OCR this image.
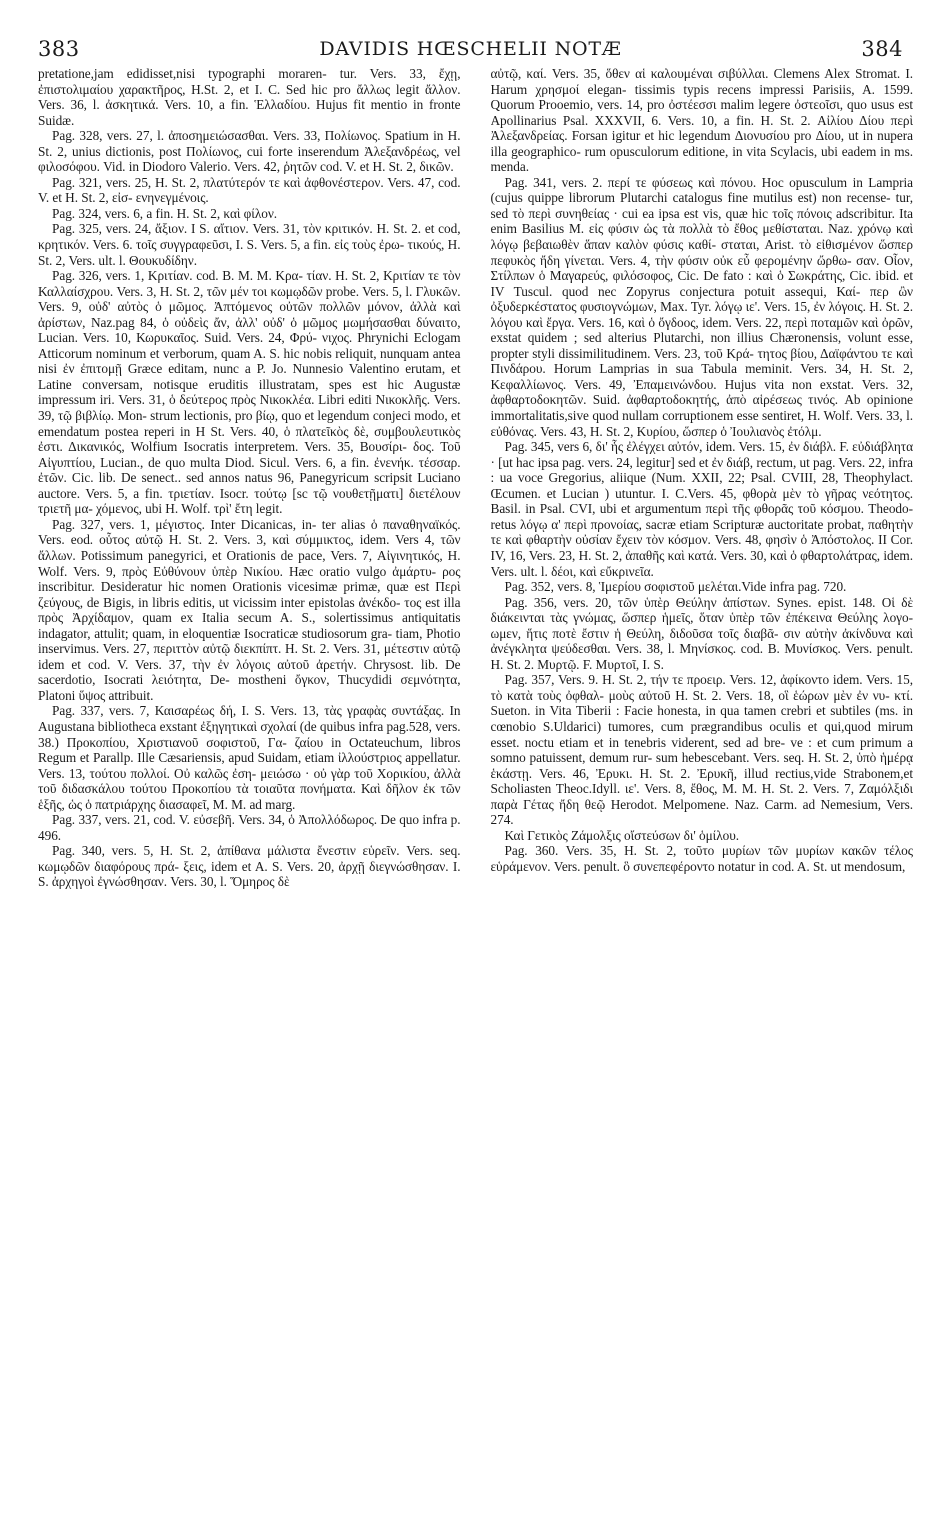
383	DAVIDIS HŒSCHELII NOTÆ	384

pretatione,jam edidisset,nisi typographi moraren- tur. Vers. 33, ἔχῃ, ἐπιστολιμαίου χαρακτῆρος, H.St. 2, et I. C. Sed hic pro ἄλλως legit ἄλλον. Vers. 36, l. ἀσκητικά. Vers. 10, a fin. Ἑλλαδίου. Hujus fit mentio in fronte Suidæ.

Pag. 328, vers. 27, l. ἀποσημειώσασθαι. Vers. 33, Πολίωνος. Spatium in H. St. 2, unius dictionis, post Πολίωνος, cui forte inserendum Ἀλεξανδρέως, vel φιλοσόφου. Vid. in Diodoro Valerio. Vers. 42, ῥητῶν cod. V. et H. St. 2, δικῶν.

Pag. 321, vers. 25, H. St. 2, πλατύτερόν τε καὶ ἀφθονέστερον. Vers. 47, cod. V. et H. St. 2, εἰσ- ενηνεγμένοις.

Pag. 324, vers. 6, a fin. H. St. 2, καὶ φίλον.

Pag. 325, vers. 24, ἄξιον. I S. αἴτιον. Vers. 31, τὸν κριτικόν. H. St. 2. et cod, κρητικόν. Vers. 6. τοῖς συγγραφεῦσι, I. S. Vers. 5, a fin. εἰς τοὺς ἐρω- τικούς, H. St. 2, Vers. ult. l. Θουκυδίδην.

Pag. 326, vers. 1, Κριτίαν. cod. B. M. M. Κρα- τίαν. H. St. 2, Κριτίαν τε τὸν Καλλαίσχρου. Vers. 3, H. St. 2, τῶν μέν τοι κωμῳδῶν probe. Vers. 5, l. Γλυκῶν. Vers. 9, οὐδ' αὐτὸς ὁ μῶμος. Ἀπτόμενος οὐτῶν πολλῶν μόνον, ἀλλὰ καὶ ἀρίστων, Naz.pag 84, ὁ οὐδεὶς ἄν, ἀλλ' οὐδ' ὁ μῶμος μωμήσασθαι δύναιτο, Lucian. Vers. 10, Κωρυκαῖος. Suid. Vers. 24, Φρύ- νιχος. Phrynichi Eclogam Atticorum nominum et verborum, quam A. S. hic nobis reliquit, nunquam antea nisi ἐν ἐπιτομῇ Græce editam, nunc a P. Jo. Nunnesio Valentino erutam, et Latine conversam, notisque eruditis illustratam, spes est hic Augustæ impressum iri. Vers. 31, ὁ δεύτερος πρὸς Νικοκλέα. Libri editi Νικοκλῆς. Vers. 39, τῷ βιβλίῳ. Mon- strum lectionis, pro βίῳ, quo et legendum conjeci modo, et emendatum postea reperi in H St. Vers. 40, ὁ πλατεῖκὸς δὲ, συμβουλευτικὸς ἐστι. Δικανικός, Wolfium Isocratis interpretem. Vers. 35, Βουσίρι- δος. Τοῦ Αἰγυπτίου, Lucian., de quo multa Diod. Sicul. Vers. 6, a fin. ἐνενήκ. τέσσαρ. ἐτῶν. Cic. lib. De senect.. sed annos natus 96, Panegyricum scripsit Luciano auctore. Vers. 5, a fin. τριετίαν. Isocr. τούτῳ [sc τῷ νουθετῇματι] διετέλουν τριετῆ μα- χόμενος, ubi H. Wolf. τρὶ' ἔτη legit.

Pag. 327, vers. 1, μέγιστος. Inter Dicanicas, in- ter alias ὁ παναθηναϊκός. Vers. eod. οὗτος αὐτῷ H. St. 2. Vers. 3, καὶ σύμμικτος, idem. Vers 4, τῶν ἄλλων. Potissimum panegyrici, et Orationis de pace, Vers. 7, Αἰγινητικός, H. Wolf. Vers. 9, πρὸς Εὐθύνουν ὑπὲρ Νικίου. Hæc oratio vulgo ἀμάρτυ- ρος inscribitur. Desideratur hic nomen Orationis vicesimæ primæ, quæ est Περὶ ζεύγους, de Bigis, in libris editis, ut vicissim inter epistolas ἀνέκδο- τος est illa πρὸς Ἀρχίδαμον, quam ex Italia secum A. S., solertissimus antiquitatis indagator, attulit; quam, in eloquentiæ Isocraticæ studiosorum gra- tiam, Photio inservimus. Vers. 27, περιττὸν αὐτῷ διεκπίπτ. H. St. 2. Vers. 31, μέτεστιν αὐτῷ idem et cod. V. Vers. 37, τὴν ἐν λόγοις αὐτοῦ ἀρετήν. Chrysost. lib. De sacerdotio, Isocrati λειότητα, De- mostheni ὄγκον, Thucydidi σεμνότητα, Platoni ὕψος attribuit.

Pag. 337, vers. 7, Καισαρέως δή, I. S. Vers. 13, τὰς γραφὰς συντάξας. In Augustana bibliotheca exstant ἐξηγητικαὶ σχολαί (de quibus infra pag.528, vers. 38.) Προκοπίου, Χριστιανοῦ σοφιστοῦ, Γα- ζαίου in Octateuchum, libros Regum et Parallp. Ille Cæsariensis, apud Suidam, etiam ἰλλούστριος appellatur. Vers. 13, τούτου πολλοί. Οὐ καλῶς ἐση- μειώσω · οὐ γὰρ τοῦ Χορικίου, ἀλλὰ τοῦ διδασκάλου τούτου Προκοπίου τὰ τοιαῦτα πονήματα. Καὶ δῆλον ἐκ τῶν ἑξῆς, ὡς ὁ πατριάρχης διασαφεῖ, M. M. ad marg.

Pag. 337, vers. 21, cod. V. εὐσεβῆ. Vers. 34, ὁ Ἀπολλόδωρος. De quo infra p. 496.

Pag. 340, vers. 5, H. St. 2, ἀπίθανα μάλιστα ἔνεστιν εὑρεῖν. Vers. seq. κωμῳδῶν διαφόρους πρά- ξεις, idem et A. S. Vers. 20, ἀρχῇ διεγνώσθησαν. I. S. ἀρχηγοὶ ἐγνώσθησαν. Vers. 30, l. Ὅμηρος δὲ

αὐτῷ, καί. Vers. 35, ὅθεν αἱ καλουμέναι σιβύλλαι. Clemens Alex Stromat. I. Harum χρησμοί elegan- tissimis typis recens impressi Parisiis, A. 1599. Quorum Prooemio, vers. 14, pro ὀστέεσσι malim legere ὀστεοῖσι, quo usus est Apollinarius Psal. XXXVII, 6. Vers. 10, a fin. H. St. 2. Αἰλίου Δίου περὶ Ἀλεξανδρείας. Forsan igitur et hic legendum Διονυσίου pro Δίου, ut in nupera illa geographico- rum opusculorum editione, in vita Scylacis, ubi eadem in ms. menda.

Pag. 341, vers. 2. περί τε φύσεως καὶ πόνου. Hoc opusculum in Lampria (cujus quippe librorum Plutarchi catalogus fine mutilus est) non recense- tur, sed τὸ περὶ συνηθείας · cui ea ipsa est vis, quæ hic τοῖς πόνοις adscribitur. Ita enim Basilius M. εἰς φύσιν ὡς τὰ πολλὰ τὸ ἔθος μεθίσταται. Naz. χρόνῳ καὶ λόγῳ βεβαιωθὲν ἅπαν καλὸν φύσις καθί- σταται, Arist. τὸ εἰθισμένον ὥσπερ πεφυκὸς ἤδη γίνεται. Vers. 4, τὴν φύσιν οὐκ εὖ φερομένην ὤρθω- σαν. Οἷον, Στίλπων ὁ Μαγαρεύς, φιλόσοφος, Cic. De fato : καὶ ὁ Σωκράτης, Cic. ibid. et IV Tuscul. quod nec Zopyrus conjectura potuit assequi, Καί- περ ὢν ὀξυδερκέστατος φυσιογνώμων, Max. Tyr. λόγῳ ιε'. Vers. 15, ἐν λόγοις. H. St. 2. λόγου καὶ ἔργα. Vers. 16, καὶ ὁ ὄγδοος, idem. Vers. 22, περὶ ποταμῶν καὶ ὀρῶν, exstat quidem ; sed alterius Plutarchi, non illius Chæronensis, volunt esse, propter styli dissimilitudinem. Vers. 23, τοῦ Κρά- τητος βίου, Δαϊφάντου τε καὶ Πινδάρου. Horum Lamprias in sua Tabula meminit. Vers. 34, H. St. 2, Κεφαλλίωνος. Vers. 49, Ἐπαμεινώνδου. Hujus vita non exstat. Vers. 32, ἀφθαρτοδοκητῶν. Suid. ἀφθαρτοδοκητής, ἀπὸ αἱρέσεως τινός. Ab opinione immortalitatis,sive quod nullam corruptionem esse sentiret, H. Wolf. Vers. 33, l. εὐθόνας. Vers. 43, H. St. 2, Κυρίου, ὥσπερ ὁ Ἰουλιανὸς ἐτόλμ.

Pag. 345, vers 6, δι' ἧς ἐλέγχει αὐτόν, idem. Vers. 15, ἐν διάβλ. F. εὐδιάβλητα · [ut hac ipsa pag. vers. 24, legitur] sed et ἐν διάβ, rectum, ut pag. Vers. 22, infra : ua voce Gregorius, aliique (Num. XXII, 22; Psal. CVIII, 28, Theophylact. Œcumen. et Lucian ) utuntur. I. C.Vers. 45, φθορὰ μὲν τὸ γῆρας νεότητος. Basil. in Psal. CVI, ubi et argumentum περὶ τῆς φθορᾶς τοῦ κόσμου. Theodo- retus λόγῳ α' περὶ προνοίας, sacræ etiam Scripturæ auctoritate probat, παθητὴν τε καὶ φθαρτὴν οὐσίαν ἔχειν τὸν κόσμον. Vers. 48, φησὶν ὁ Ἀπόστολος. II Cor. IV, 16, Vers. 23, H. St. 2, ἀπαθῆς καὶ κατά. Vers. 30, καὶ ὁ φθαρτολάτρας, idem. Vers. ult. l. δέοι, καὶ εὔκρινεῖα.

Pag. 352, vers. 8, Ἱμερίου σοφιστοῦ μελέται.Vide infra pag. 720.

Pag. 356, vers. 20, τῶν ὑπὲρ Θεύλην ἀπίστων. Synes. epist. 148. Οἱ δὲ διάκεινται τὰς γνώμας, ὥσπερ ἡμεῖς, ὅταν ὑπὲρ τῶν ἐπέκεινα Θεύλης λογο- ωμεν, ἥτις ποτὲ ἔστιν ἡ Θεύλη, διδοῦσα τοῖς διαβᾶ- σιν αὐτὴν ἀκίνδυνα καὶ ἀνέγκλητα ψεύδεσθαι. Vers. 38, l. Μηνίσκος. cod. B. Μυνίσκος. Vers. penult. H. St. 2. Μυρτῷ. F. Μυρτοῖ, I. S.

Pag. 357, Vers. 9. H. St. 2, τήν τε προειρ. Vers. 12, ἀφίκοντο idem. Vers. 15, τὸ κατὰ τοὺς ὀφθαλ- μοὺς αὐτοῦ H. St. 2. Vers. 18, οἳ ἑώρων μὲν ἐν νυ- κτί. Sueton. in Vita Tiberii : Facie honesta, in qua tamen crebri et subtiles (ms. in cœnobio S.Uldarici) tumores, cum prægrandibus oculis et qui,quod mirum esset. noctu etiam et in tenebris viderent, sed ad bre- ve : et cum primum a somno patuissent, demum rur- sum hebescebant. Vers. seq. H. St. 2, ὑπὸ ἡμέρᾳ ἑκάστῃ. Vers. 46, Ἐρυκι. H. St. 2. Ἐρυκῆ, illud rectius,vide Strabonem,et Scholiasten Theoc.Idyll. ιε'. Vers. 8, ἔθος, M. M. H. St. 2. Vers. 7, Ζαμόλξιδι παρὰ Γέτας ἤδη θεῷ Herodot. Melpomene. Naz. Carm. ad Nemesium, Vers. 274.

Καὶ Γετικὸς Ζάμολξις οἴστεύσων δι' ὁμίλου.

Pag. 360. Vers. 35, H. St. 2, τοῦτο μυρίων τῶν μυρίων κακῶν τέλος εὑράμενον. Vers. penult. ὃ συνεπεφέροντο notatur in cod. A. St. ut mendosum,
